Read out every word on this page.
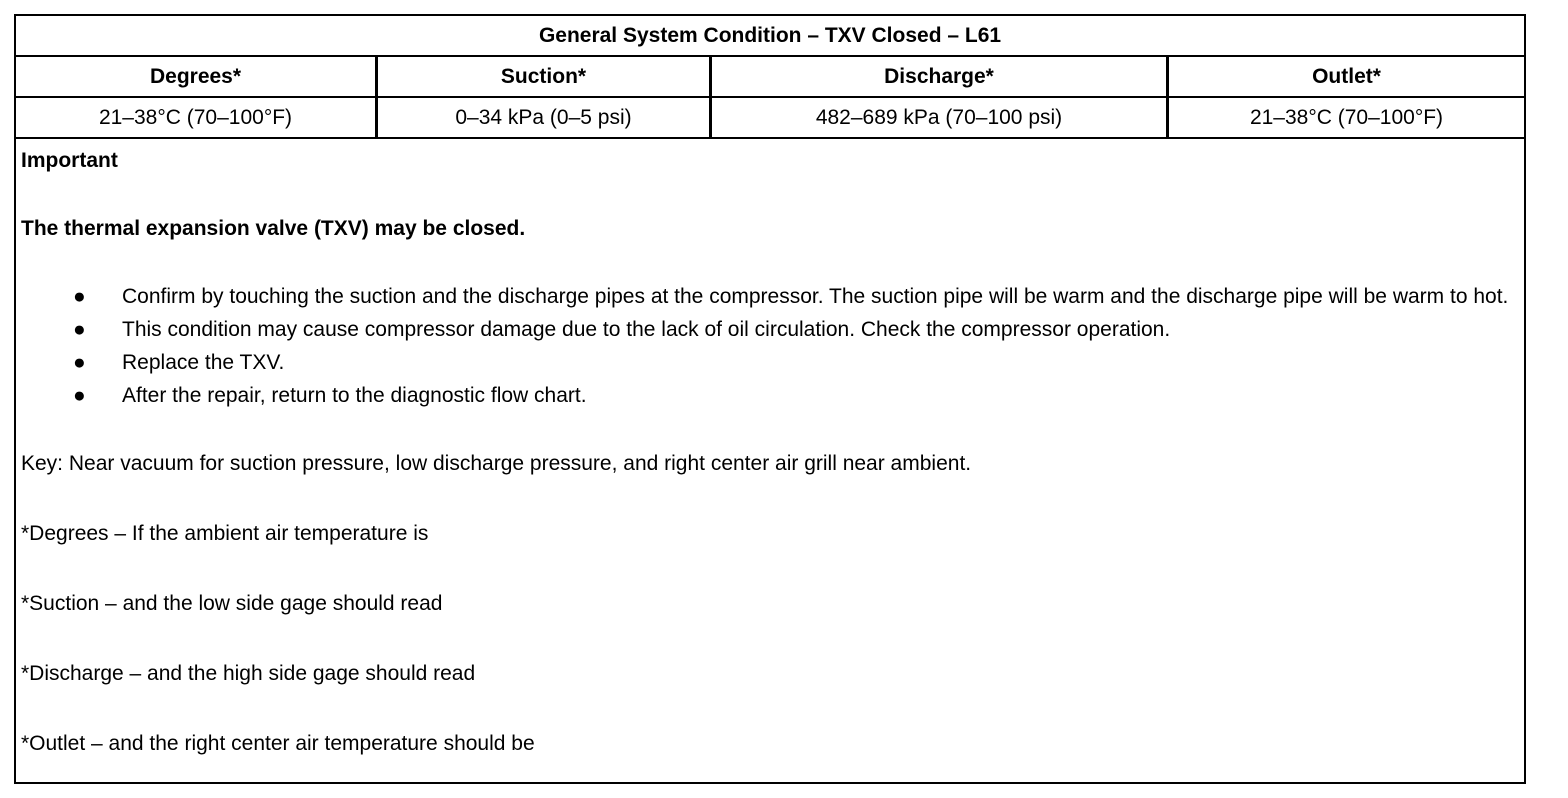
General System Condition – TXV Closed – L61
Degrees*	Suction*	Discharge*	Outlet*
21–38°C (70–100°F)	0–34 kPa (0–5 psi)	482–689 kPa (70–100 psi)	21–38°C (70–100°F)

Important

The thermal expansion valve (TXV) may be closed.

● Confirm by touching the suction and the discharge pipes at the compressor. The suction pipe will be warm and the discharge pipe will be warm to hot.
● This condition may cause compressor damage due to the lack of oil circulation. Check the compressor operation.
● Replace the TXV.
● After the repair, return to the diagnostic flow chart.

Key: Near vacuum for suction pressure, low discharge pressure, and right center air grill near ambient.

*Degrees – If the ambient air temperature is

*Suction – and the low side gage should read

*Discharge – and the high side gage should read

*Outlet – and the right center air temperature should be
